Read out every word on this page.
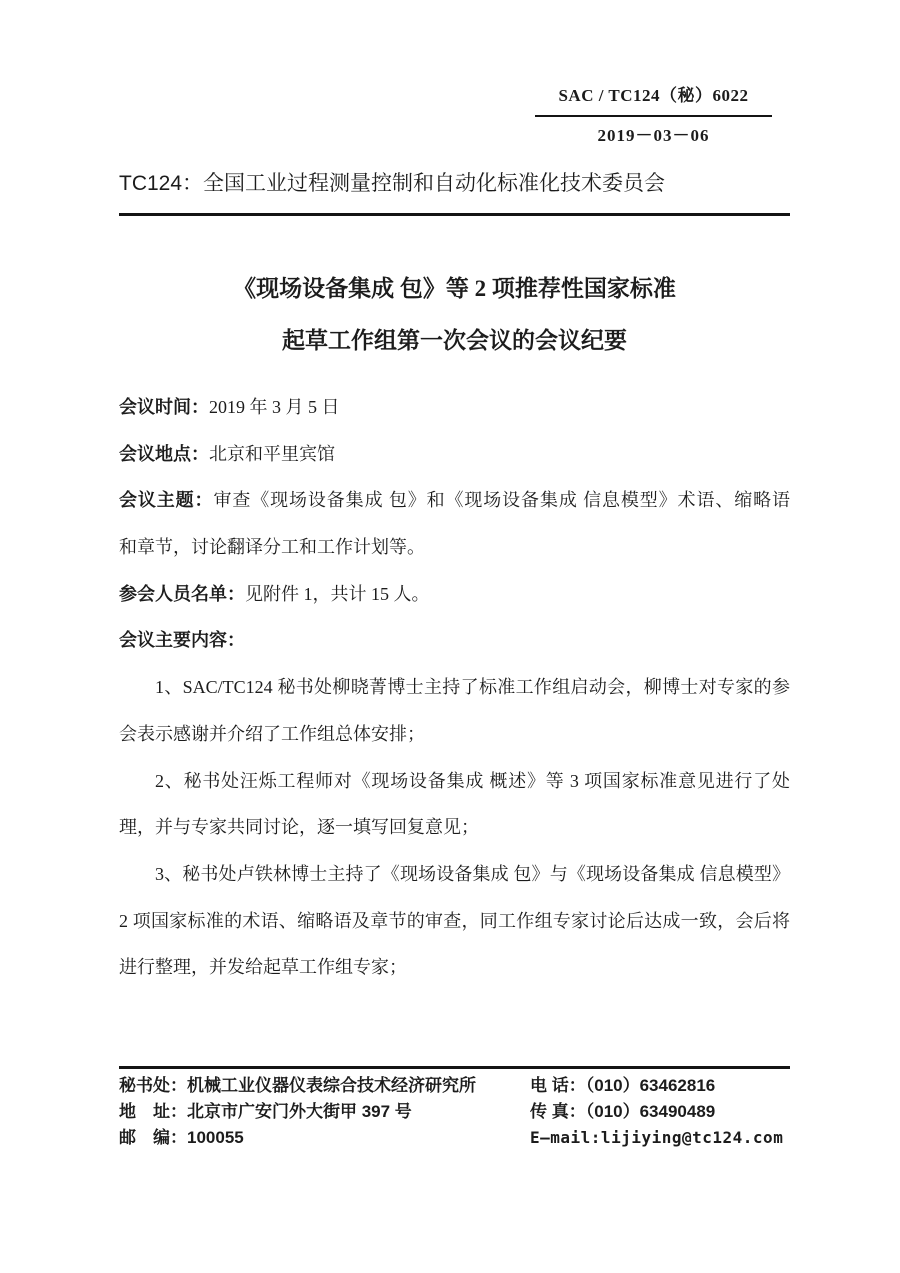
SAC / TC124（秘）6022
2019－03－06
TC124：全国工业过程测量控制和自动化标准化技术委员会
《现场设备集成 包》等 2 项推荐性国家标准
起草工作组第一次会议的会议纪要
会议时间：2019 年 3 月 5 日
会议地点：北京和平里宾馆
会议主题：审查《现场设备集成 包》和《现场设备集成 信息模型》术语、缩略语
和章节，讨论翻译分工和工作计划等。
参会人员名单：见附件 1，共计 15 人。
会议主要内容：
1、SAC/TC124 秘书处柳晓菁博士主持了标准工作组启动会，柳博士对专家的参
会表示感谢并介绍了工作组总体安排；
2、秘书处汪烁工程师对《现场设备集成 概述》等 3 项国家标准意见进行了处
理，并与专家共同讨论，逐一填写回复意见；
3、秘书处卢铁林博士主持了《现场设备集成 包》与《现场设备集成 信息模型》
2 项国家标准的术语、缩略语及章节的审查，同工作组专家讨论后达成一致，会后将
进行整理，并发给起草工作组专家；
秘书处：机械工业仪器仪表综合技术经济研究所
地　址：北京市广安门外大街甲 397 号
邮　编：100055
电 话：（010）63462816
传 真：（010）63490489
E—mail:lijiying@tc124.com
